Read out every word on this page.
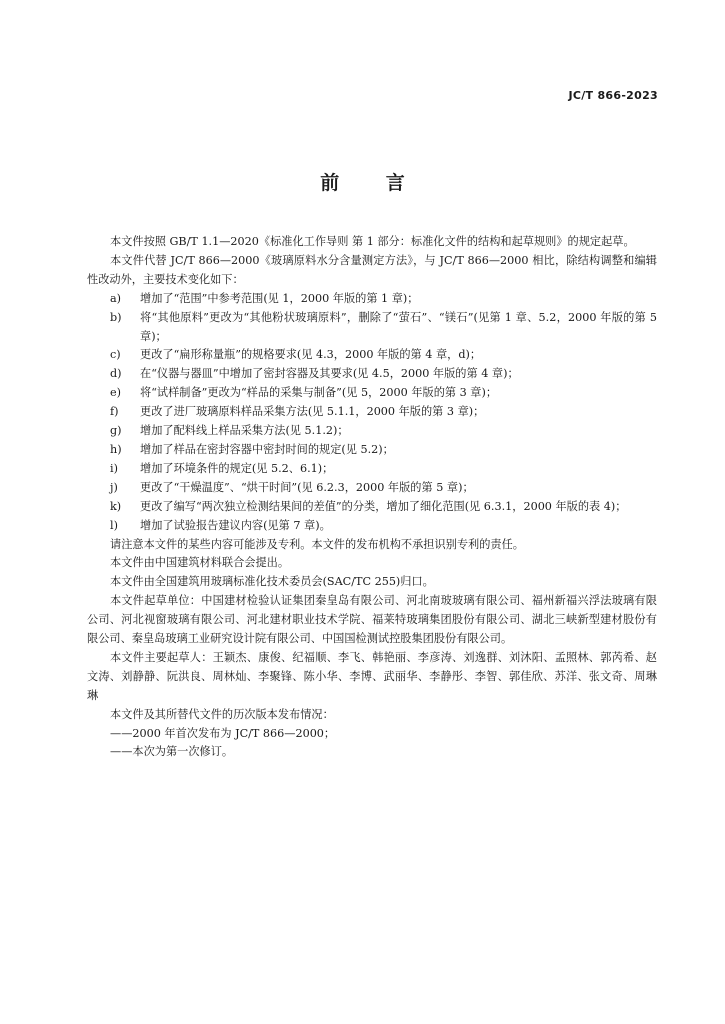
JC/T 866-2023
前 言

本文件按照 GB/T 1.1—2020《标准化工作导则 第 1 部分：标准化文件的结构和起草规则》的规定起草。

本文件代替 JC/T 866—2000《玻璃原料水分含量测定方法》，与 JC/T 866—2000 相比，除结构调整和编辑性改动外，主要技术变化如下：

a)	增加了“范围”中参考范围(见 1，2000 年版的第 1 章)；
b)	将“其他原料”更改为“其他粉状玻璃原料”，删除了“萤石”、“镁石”(见第 1 章、5.2，2000 年版的第 5 章)；
c)	更改了“扁形称量瓶”的规格要求(见 4.3，2000 年版的第 4 章，d)；
d)	在“仪器与器皿”中增加了密封容器及其要求(见 4.5，2000 年版的第 4 章)；
e)	将“试样制备”更改为“样品的采集与制备”(见 5，2000 年版的第 3 章)；
f)	更改了进厂玻璃原料样品采集方法(见 5.1.1，2000 年版的第 3 章)；
g)	增加了配料线上样品采集方法(见 5.1.2)；
h)	增加了样品在密封容器中密封时间的规定(见 5.2)；
i)	增加了环境条件的规定(见 5.2、6.1)；
j)	更改了“干燥温度”、“烘干时间”(见 6.2.3，2000 年版的第 5 章)；
k)	更改了编写“两次独立检测结果间的差值”的分类，增加了细化范围(见 6.3.1，2000 年版的表 4)；
l)	增加了试验报告建议内容(见第 7 章)。

请注意本文件的某些内容可能涉及专利。本文件的发布机构不承担识别专利的责任。

本文件由中国建筑材料联合会提出。

本文件由全国建筑用玻璃标准化技术委员会(SAC/TC 255)归口。

本文件起草单位：中国建材检验认证集团秦皇岛有限公司、河北南玻玻璃有限公司、福州新福兴浮法玻璃有限公司、河北视窗玻璃有限公司、河北建材职业技术学院、福莱特玻璃集团股份有限公司、湖北三峡新型建材股份有限公司、秦皇岛玻璃工业研究设计院有限公司、中国国检测试控股集团股份有限公司。

本文件主要起草人：王颖杰、康俊、纪福顺、李飞、韩艳丽、李彦涛、刘逸群、刘沐阳、孟照林、郭芮希、赵文涛、刘静静、阮洪良、周林灿、李聚锋、陈小华、李博、武丽华、李静彤、李智、郭佳欣、苏洋、张文奇、周琳琳

本文件及其所替代文件的历次版本发布情况：

——2000 年首次发布为 JC/T 866—2000；

——本次为第一次修订。
